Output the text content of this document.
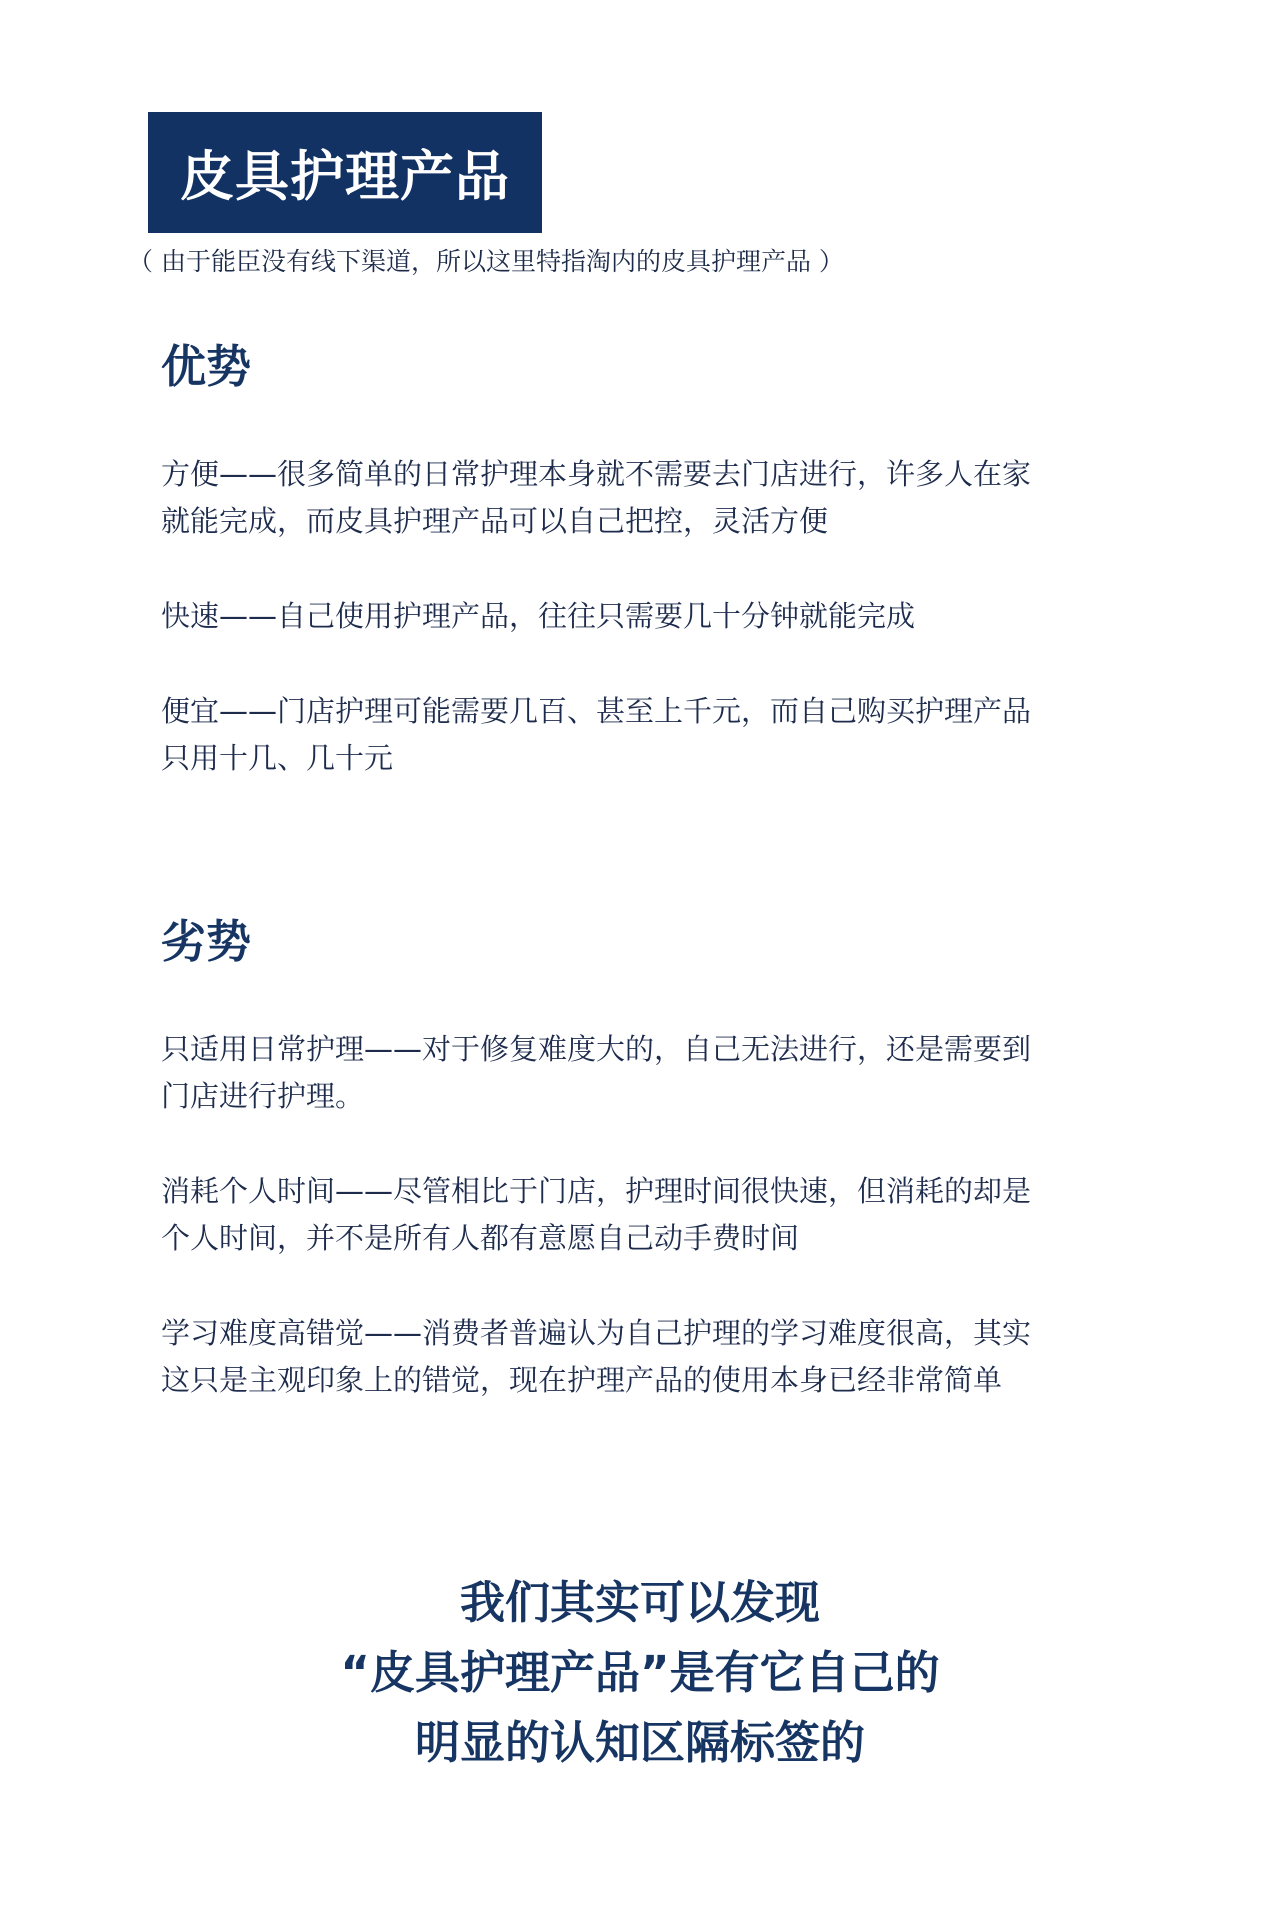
皮具护理产品
（ 由于能臣没有线下渠道，所以这里特指淘内的皮具护理产品 ）
优势

方便——很多简单的日常护理本身就不需要去门店进行，许多人在家就能完成，而皮具护理产品可以自己把控，灵活方便

快速——自己使用护理产品，往往只需要几十分钟就能完成

便宜——门店护理可能需要几百、甚至上千元，而自己购买护理产品只用十几、几十元

劣势

只适用日常护理——对于修复难度大的，自己无法进行，还是需要到门店进行护理。

消耗个人时间——尽管相比于门店，护理时间很快速，但消耗的却是个人时间，并不是所有人都有意愿自己动手费时间

学习难度高错觉——消费者普遍认为自己护理的学习难度很高，其实这只是主观印象上的错觉，现在护理产品的使用本身已经非常简单

我们其实可以发现
“皮具护理产品”是有它自己的
明显的认知区隔标签的
